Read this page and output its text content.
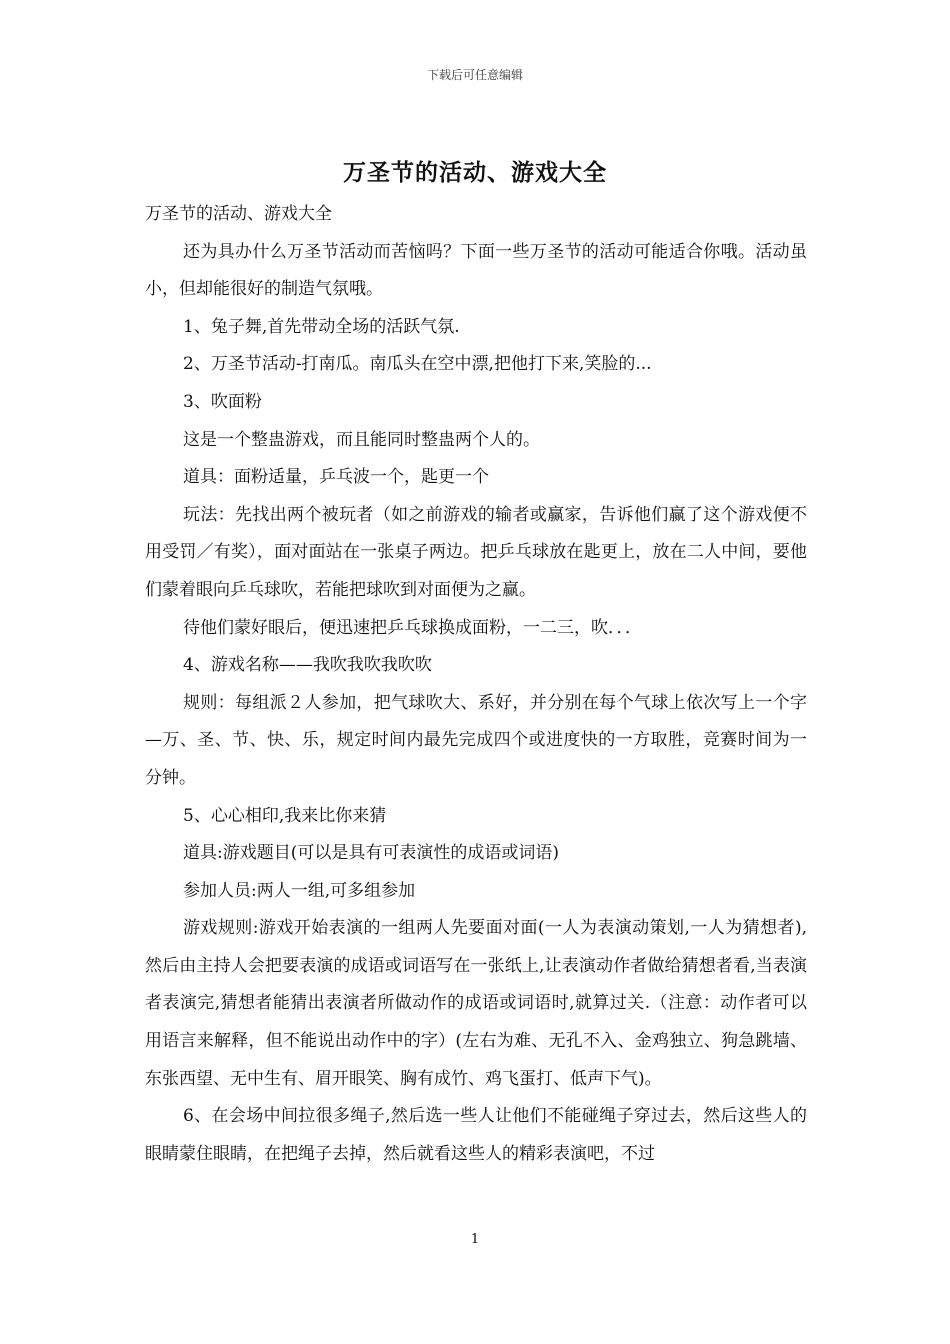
下载后可任意编辑
万圣节的活动、游戏大全

万圣节的活动、游戏大全

还为具办什么万圣节活动而苦恼吗？下面一些万圣节的活动可能适合你哦。活动虽小，但却能很好的制造气氛哦。

1、兔子舞,首先带动全场的活跃气氛.

2、万圣节活动-打南瓜。南瓜头在空中漂,把他打下来,笑脸的...

3、吹面粉

这是一个整蛊游戏，而且能同时整蛊两个人的。

道具：面粉适量，乒乓波一个，匙更一个

玩法：先找出两个被玩者（如之前游戏的输者或赢家，告诉他们赢了这个游戏便不用受罚／有奖），面对面站在一张桌子两边。把乒乓球放在匙更上，放在二人中间，要他们蒙着眼向乒乓球吹，若能把球吹到对面便为之赢。

待他们蒙好眼后，便迅速把乒乓球换成面粉，一二三，吹．．．

4、游戏名称——我吹我吹我吹吹

规则：每组派２人参加，把气球吹大、系好，并分别在每个气球上依次写上一个字—万、圣、节、快、乐，规定时间内最先完成四个或进度快的一方取胜，竞赛时间为一分钟。

5、心心相印,我来比你来猜

道具:游戏题目(可以是具有可表演性的成语或词语)

参加人员:两人一组,可多组参加

游戏规则:游戏开始表演的一组两人先要面对面(一人为表演动策划,一人为猜想者),然后由主持人会把要表演的成语或词语写在一张纸上,让表演动作者做给猜想者看,当表演者表演完,猜想者能猜出表演者所做动作的成语或词语时,就算过关.（注意：动作者可以用语言来解释，但不能说出动作中的字）(左右为难、无孔不入、金鸡独立、狗急跳墙、东张西望、无中生有、眉开眼笑、胸有成竹、鸡飞蛋打、低声下气)。

6、在会场中间拉很多绳子,然后选一些人让他们不能碰绳子穿过去，然后这些人的眼睛蒙住眼睛，在把绳子去掉，然后就看这些人的精彩表演吧，不过

1
